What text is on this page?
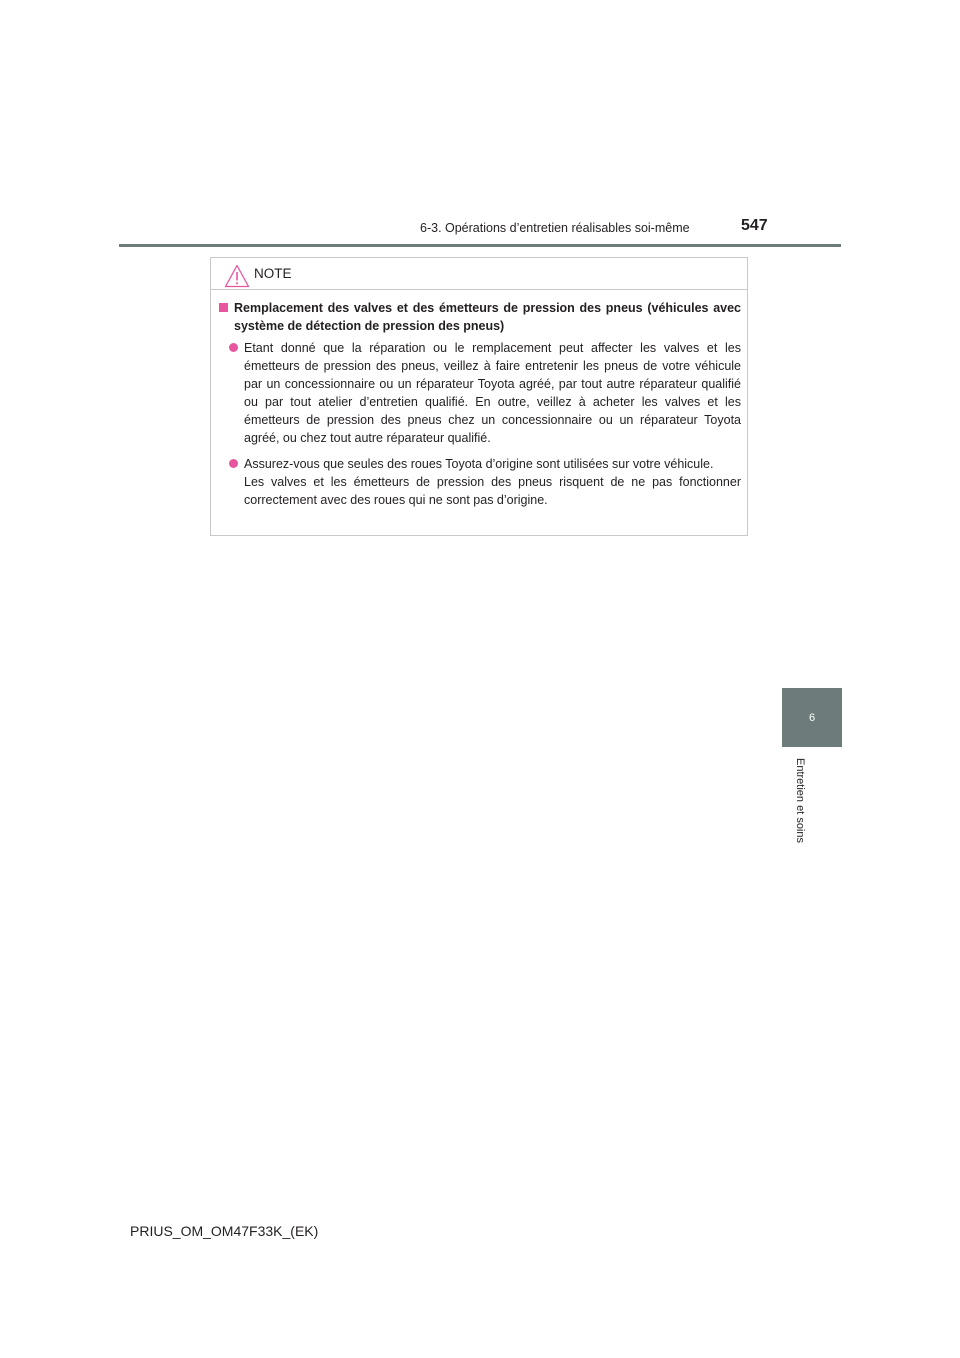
6-3. Opérations d’entretien réalisables soi-même	547
6
Entretien et soins
NOTE
Remplacement des valves et des émetteurs de pression des pneus (véhicules avec système de détection de pression des pneus)

Etant donné que la réparation ou le remplacement peut affecter les valves et les émetteurs de pression des pneus, veillez à faire entretenir les pneus de votre véhicule par un concessionnaire ou un réparateur Toyota agréé, par tout autre réparateur qualifié ou par tout atelier d’entretien qualifié. En outre, veillez à acheter les valves et les émetteurs de pression des pneus chez un concessionnaire ou un réparateur Toyota agréé, ou chez tout autre réparateur qualifié.

Assurez-vous que seules des roues Toyota d’origine sont utilisées sur votre véhicule.

Les valves et les émetteurs de pression des pneus risquent de ne pas fonctionner correctement avec des roues qui ne sont pas d’origine.

PRIUS_OM_OM47F33K_(EK)
